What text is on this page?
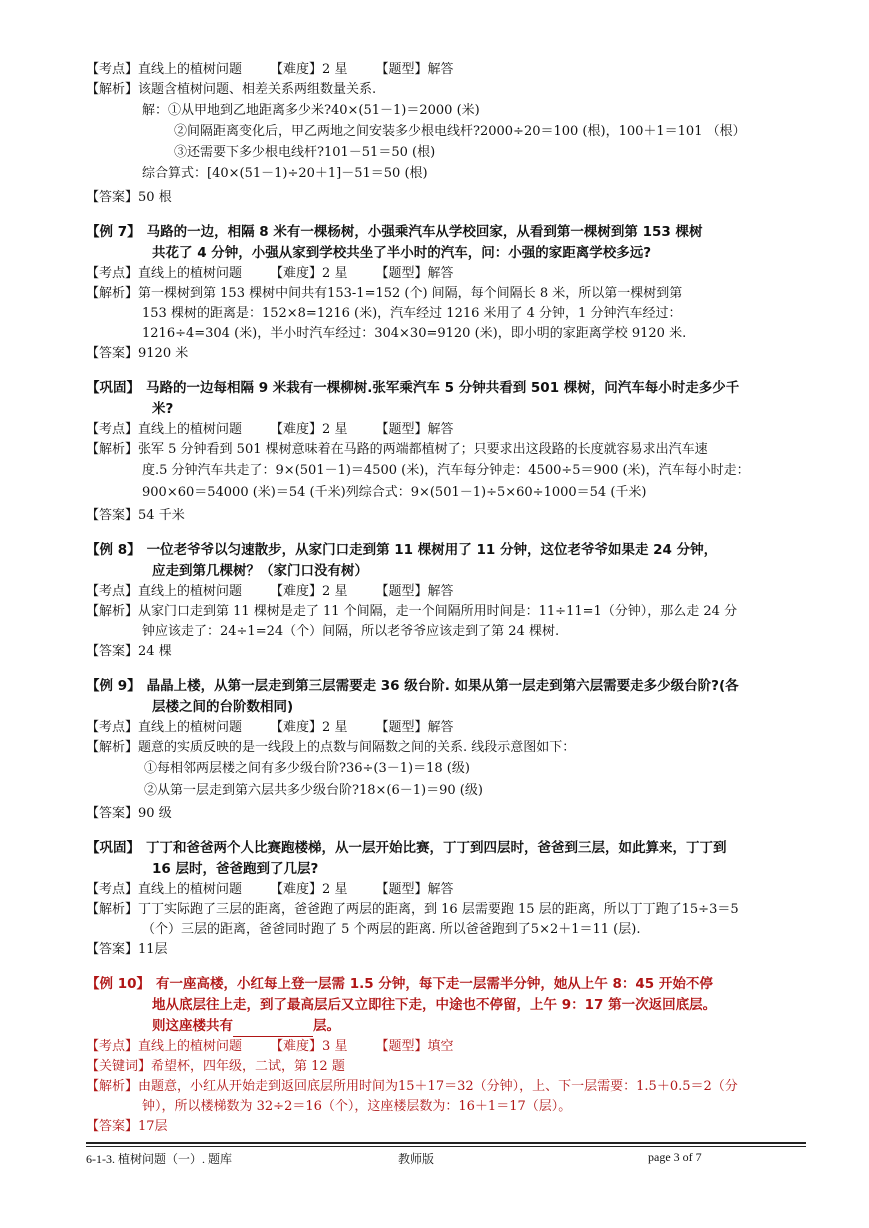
【考点】 直线上的植树问题 【难度】 2 星 【题型】 解答
【解析】 该题含植树问题、相差关系两组数量关系.
解：①从甲地到乙地距离多少米?40×(51－1)＝2000 (米)
②间隔距离变化后，甲乙两地之间安装多少根电线杆?2000÷20＝100 (根)，100＋1＝101 （根）
③还需要下多少根电线杆?101－51＝50 (根)
综合算式：[40×(51－1)÷20＋1]－51＝50 (根)
【答案】 50 根
【例 7】 马路的一边，相隔 8 米有一棵杨树，小强乘汽车从学校回家，从看到第一棵树到第 153 棵树
共花了 4 分钟，小强从家到学校共坐了半小时的汽车，问：小强的家距离学校多远?
【考点】 直线上的植树问题 【难度】 2 星 【题型】 解答
【解析】 第一棵树到第 153 棵树中间共有153-1=152 (个) 间隔，每个间隔长 8 米，所以第一棵树到第
153 棵树的距离是：152×8=1216 (米)，汽车经过 1216 米用了 4 分钟，1 分钟汽车经过：
1216÷4=304 (米)，半小时汽车经过：304×30=9120 (米)，即小明的家距离学校 9120 米.
【答案】 9120 米
【巩固】 马路的一边每相隔 9 米栽有一棵柳树.张军乘汽车 5 分钟共看到 501 棵树，问汽车每小时走多少千
米?
【考点】 直线上的植树问题 【难度】 2 星 【题型】 解答
【解析】 张军 5 分钟看到 501 棵树意味着在马路的两端都植树了；只要求出这段路的长度就容易求出汽车速
度.5 分钟汽车共走了：9×(501－1)＝4500 (米)，汽车每分钟走：4500÷5＝900 (米)，汽车每小时走：
900×60＝54000 (米)＝54 (千米)列综合式：9×(501－1)÷5×60÷1000＝54 (千米)
【答案】 54 千米
【例 8】 一位老爷爷以匀速散步，从家门口走到第 11 棵树用了 11 分钟，这位老爷爷如果走 24 分钟，
应走到第几棵树？（家门口没有树）
【考点】 直线上的植树问题 【难度】 2 星 【题型】 解答
【解析】 从家门口走到第 11 棵树是走了 11 个间隔，走一个间隔所用时间是：11÷11=1（分钟），那么走 24 分
钟应该走了：24÷1=24（个）间隔，所以老爷爷应该走到了第 24 棵树.
【答案】 24 棵
【例 9】 晶晶上楼，从第一层走到第三层需要走 36 级台阶. 如果从第一层走到第六层需要走多少级台阶?(各
层楼之间的台阶数相同)
【考点】 直线上的植树问题 【难度】 2 星 【题型】 解答
【解析】 题意的实质反映的是一线段上的点数与间隔数之间的关系. 线段示意图如下：
①每相邻两层楼之间有多少级台阶?36÷(3－1)＝18 (级)
②从第一层走到第六层共多少级台阶?18×(6－1)＝90 (级)
【答案】 90 级
【巩固】 丁丁和爸爸两个人比赛跑楼梯，从一层开始比赛，丁丁到四层时，爸爸到三层，如此算来，丁丁到
16 层时，爸爸跑到了几层?
【考点】 直线上的植树问题 【难度】 2 星 【题型】 解答
【解析】 丁丁实际跑了三层的距离，爸爸跑了两层的距离，到 16 层需要跑 15 层的距离，所以丁丁跑了15÷3＝5
（个）三层的距离，爸爸同时跑了 5 个两层的距离. 所以爸爸跑到了5×2＋1＝11 (层).
【答案】 11层
【例 10】 有一座高楼，小红每上登一层需 1.5 分钟，每下走一层需半分钟，她从上午 8：45 开始不停
地从底层往上走，到了最高层后又立即往下走，中途也不停留，上午 9：17 第一次返回底层。
则这座楼共有	层。
【考点】 直线上的植树问题 【难度】 3 星 【题型】 填空
【关键词】 希望杯，四年级，二试，第 12 题
【解析】 由题意，小红从开始走到返回底层所用时间为15＋17＝32（分钟），上、下一层需要：1.5＋0.5＝2（分
钟），所以楼梯数为 32÷2＝16（个），这座楼层数为：16＋1＝17（层）。
【答案】 17层
6-1-3. 植树问题（一）. 题库	教师版	page 3 of 7
